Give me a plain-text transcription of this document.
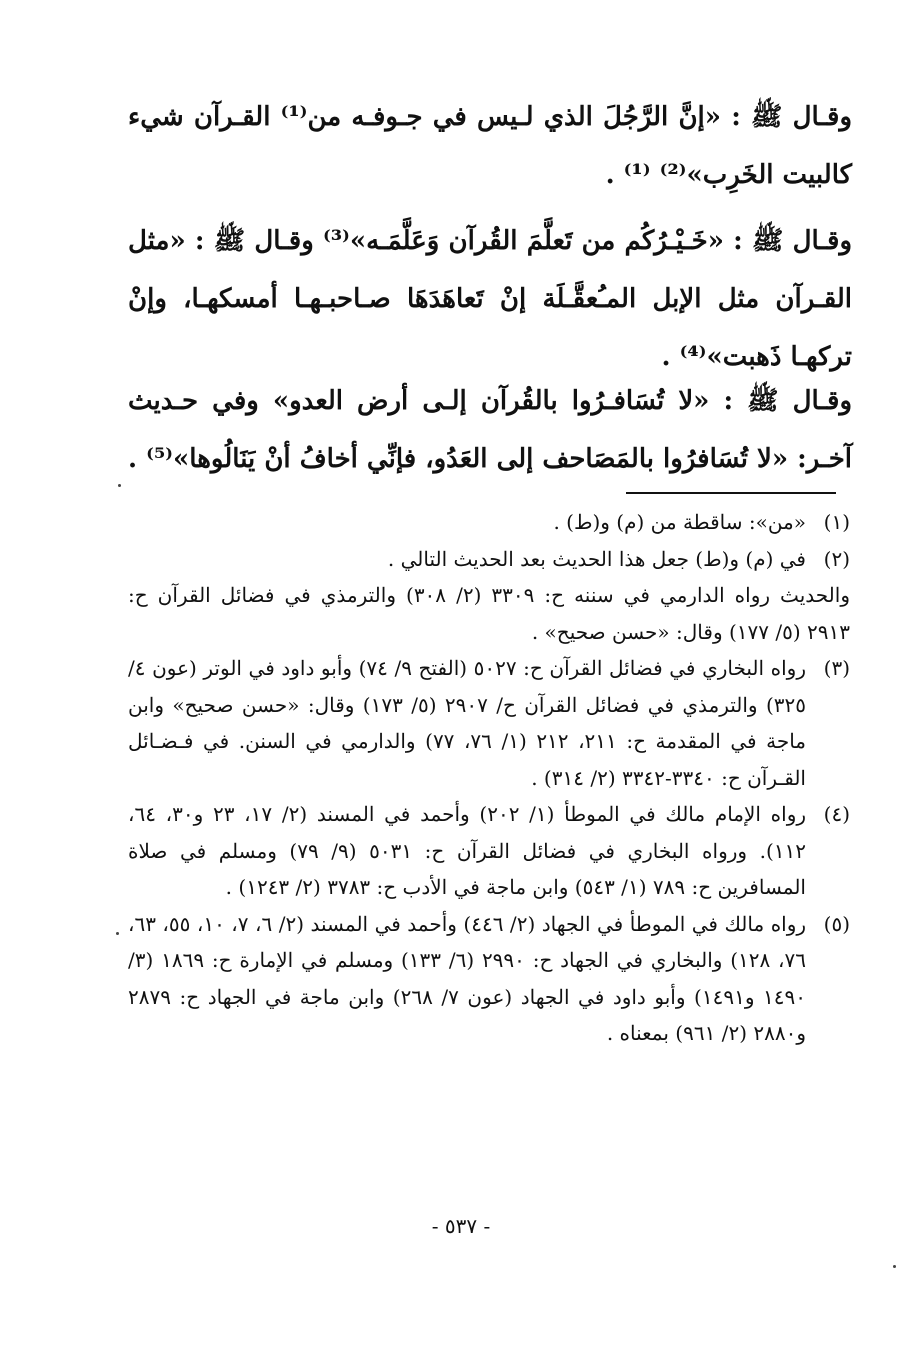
وقـال ﷺ : «إنَّ الرَّجُلَ الذي لـيس في جـوفـه من⁽¹⁾ القـرآن شيء كالبيت الخَرِب»⁽²⁾ ⁽¹⁾ .
وقـال ﷺ : «خَـيْـرُكُم من تَعلَّمَ القُرآن وَعَلَّمَـه»⁽³⁾ وقـال ﷺ : «مثل القـرآن مثل الإبل المـُعقَّـلَة إنْ تَعاهَدَهَا صـاحبـهـا أمسكهـا، وإنْ تركهـا ذَهبت»⁽⁴⁾ .
وقـال ﷺ : «لا تُسَافـرُوا بالقُرآن إلـى أرض العدو» وفي حـديث آخـر: «لا تُسَافرُوا بالمَصَاحف إلى العَدُو، فإنِّي أخافُ أنْ يَنَالُوها»⁽⁵⁾ .
(١)
«من»: ساقطة من (م) و(ط) .
(٢)
في (م) و(ط) جعل هذا الحديث بعد الحديث التالي .
والحديث رواه الدارمي في سننه ح: ٣٣٠٩ (٢/ ٣٠٨) والترمذي في فضائل القرآن ح: ٢٩١٣ (٥/ ١٧٧) وقال: «حسن صحيح» .
(٣)
رواه البخاري في فضائل القرآن ح: ٥٠٢٧ (الفتح ٩/ ٧٤) وأبو داود في الوتر (عون ٤/ ٣٢٥) والترمذي في فضائل القرآن ح/ ٢٩٠٧ (٥/ ١٧٣) وقال: «حسن صحيح» وابن ماجة في المقدمة ح: ٢١١، ٢١٢ (١/ ٧٦، ٧٧) والدارمي في السنن. في فـضـائل القـرآن ح: ٣٣٤٠-٣٣٤٢ (٢/ ٣١٤) .
(٤)
رواه الإمام مالك في الموطأ (١/ ٢٠٢) وأحمد في المسند (٢/ ١٧، ٢٣ و٣٠، ٦٤، ١١٢). ورواه البخاري في فضائل القرآن ح: ٥٠٣١ (٩/ ٧٩) ومسلم في صلاة المسافرين ح: ٧٨٩ (١/ ٥٤٣) وابن ماجة في الأدب ح: ٣٧٨٣ (٢/ ١٢٤٣) .
(٥)
رواه مالك في الموطأ في الجهاد (٢/ ٤٤٦) وأحمد في المسند (٢/ ٦، ٧، ١٠، ٥٥، ٦٣، ٧٦، ١٢٨) والبخاري في الجهاد ح: ٢٩٩٠ (٦/ ١٣٣) ومسلم في الإمارة ح: ١٨٦٩ (٣/ ١٤٩٠ و١٤٩١) وأبو داود في الجهاد (عون ٧/ ٢٦٨) وابن ماجة في الجهاد ح: ٢٨٧٩ و٢٨٨٠ (٢/ ٩٦١) بمعناه .
- ٥٣٧ -
